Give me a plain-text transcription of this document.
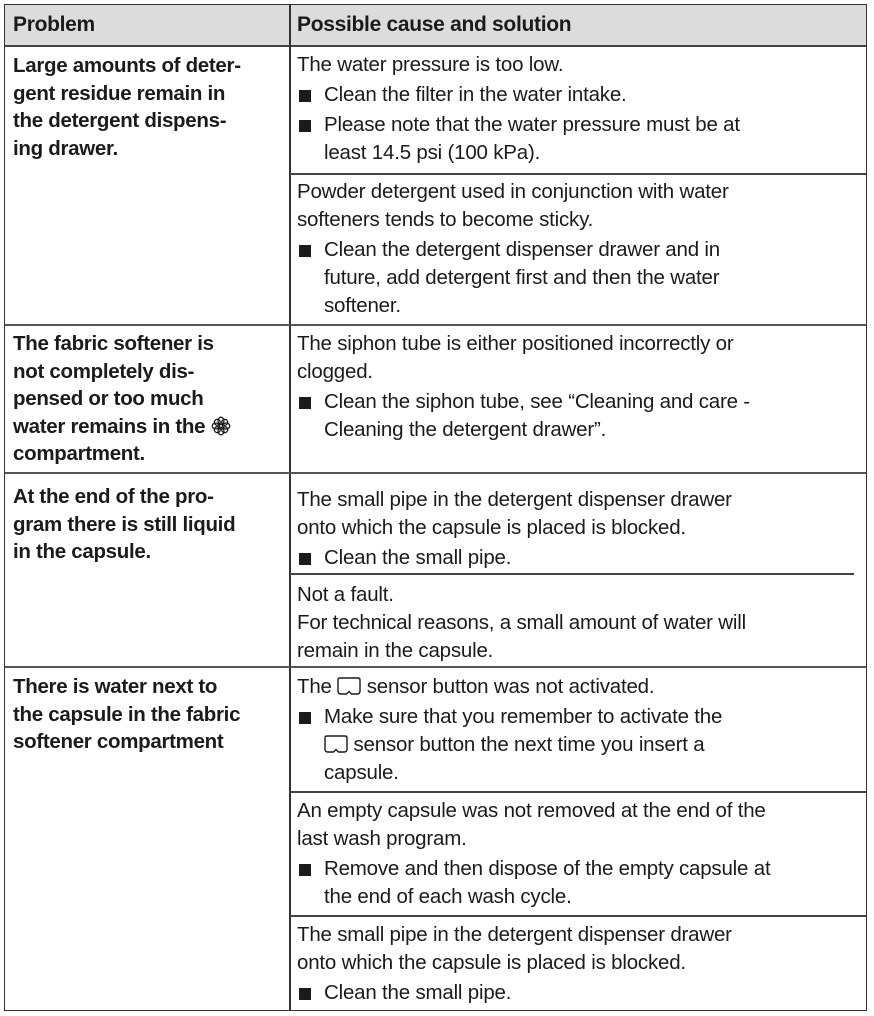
Problem	Possible cause and solution
Large amounts of deter-
gent residue remain in
the detergent dispens-
ing drawer.

The water pressure is too low.

Clean the filter in the water intake.
Please note that the water pressure must be at
least 14.5 psi (100 kPa).

Powder detergent used in conjunction with water

softeners tends to become sticky.

Clean the detergent dispenser drawer and in
future, add detergent first and then the water
softener.
The fabric softener is
not completely dis-
pensed or too much
water remains in the
compartment.

The siphon tube is either positioned incorrectly or

clogged.

Clean the siphon tube, see “Cleaning and care -
Cleaning the detergent drawer”.
At the end of the pro-
gram there is still liquid
in the capsule.

The small pipe in the detergent dispenser drawer

onto which the capsule is placed is blocked.

Clean the small pipe.

Not a fault.

For technical reasons, a small amount of water will

remain in the capsule.

There is water next to
the capsule in the fabric
softener compartment

The sensor button was not activated.

Make sure that you remember to activate the
sensor button the next time you insert a
capsule.

An empty capsule was not removed at the end of the

last wash program.

Remove and then dispose of the empty capsule at
the end of each wash cycle.

The small pipe in the detergent dispenser drawer

onto which the capsule is placed is blocked.

Clean the small pipe.
